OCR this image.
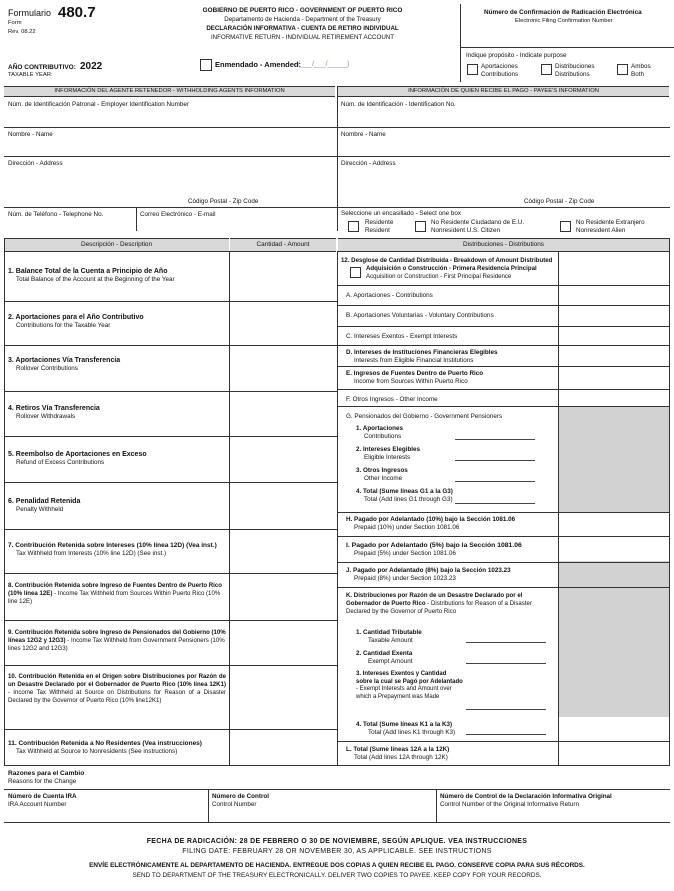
Formulario 480.7
Form
Rev. 08.22
AÑO CONTRIBUTIVO: 2022
TAXABLE YEAR:
GOBIERNO DE PUERTO RICO - GOVERNMENT OF PUERTO RICO
Departamento de Hacienda - Department of the Treasury
DECLARACIÓN INFORMATIVA - CUENTA DE RETIRO INDIVIDUAL
INFORMATIVE RETURN - INDIVIDUAL RETIREMENT ACCOUNT
Enmendado - Amended:
(___/___/_____)
Número de Confirmación de Radicación Electrónica
Electronic Filing Confirmation Number
Indique propósito - Indicate purpose
Aportaciones
Contributions
Distribuciones
Distributions
Ambos
Both
INFORMACIÓN DEL AGENTE RETENEDOR - WITHHOLDING AGENTS INFORMATION	INFORMACIÓN DE QUIEN RECIBE EL PAGO - PAYEE'S INFORMATION
Núm. de Identificación Patronal - Employer Identification Number
Nombre - Name
Dirección - Address
Código Postal - Zip Code
Núm. de Teléfono - Telephone No.	Correo Electrónico - E-mail
Núm. de Identificación - Identification No.
Nombre - Name
Dirección - Address
Código Postal - Zip Code
Seleccione un encasillado - Select one box
Residente
Resident
No Residente Ciudadano de E.U.
Nonresident U.S. Citizen
No Residente Extranjero
Nonresident Alien
Descripción - Description	Cantidad - Amount	Distribuciones - Distributions
1. Balance Total de la Cuenta a Principio de Año
Total Balance of the Account at the Beginning of the Year
2. Aportaciones para el Año Contributivo
Contributions for the Taxable Year
3. Aportaciones Vía Transferencia
Rollover Contributions
4. Retiros Vía Transferencia
Rollover Withdrawals
5. Reembolso de Aportaciones en Exceso
Refund of Excess Contributions
6. Penalidad Retenida
Penalty Withheld
7. Contribución Retenida sobre Intereses (10% línea 12D) (Vea inst.)
Tax Withheld from Interests (10% line 12D) (See inst.)
8. Contribución Retenida sobre Ingreso de Fuentes Dentro de Puerto Rico (10% línea 12E) - Income Tax Withheld from Sources Within Puerto Rico (10% line 12E)
9. Contribución Retenida sobre Ingreso de Pensionados del Gobierno (10% líneas 12G2 y 12G3) - Income Tax Withheld from Government Pensioners (10% lines 12G2 and 12G3)
10. Contribución Retenida en el Origen sobre Distribuciones por Razón de un Desastre Declarado por el Gobernador de Puerto Rico (10% línea 12K1) - Income Tax Withheld at Source on Distributions for Reason of a Disaster Declared by the Governor of Puerto Rico (10% line12K1)
11. Contribución Retenida a No Residentes (Vea instrucciones)
Tax Withheld at Source to Nonresidents (See instructions)
12. Desglose de Cantidad Distribuida - Breakdown of Amount Distributed
Adquisición o Construcción - Primera Residencia Principal
Acquisition or Construction - First Principal Residence
A. Aportaciones - Contributions
B. Aportaciones Voluntarias - Voluntary Contributions
C. Intereses Exentos - Exempt Interests
D. Intereses de Instituciones Financieras Elegibles
Interests from Eligible Financial Institutions
E. Ingresos de Fuentes Dentro de Puerto Rico
Income from Sources Within Puerto Rico
F. Otros Ingresos - Other Income
G. Pensionados del Gobierno - Government Pensioners
1. Aportaciones
Contributions
2. Intereses Elegibles
Eligible Interests
3. Otros Ingresos
Other Income
4. Total (Sume líneas G1 a la G3)
Total (Add lines G1 through G3)
H. Pagado por Adelantado (10%) bajo la Sección 1081.06
Prepaid (10%) under Section 1081.06
I. Pagado por Adelantado (5%) bajo la Sección 1081.06
Prepaid (5%) under Section 1081.06
J. Pagado por Adelantado (8%) bajo la Sección 1023.23
Prepaid (8%) under Section 1023.23
K. Distribuciones por Razón de un Desastre Declarado por el Gobernador de Puerto Rico - Distributions for Reason of a Disaster Declared by the Governor of Puerto Rico
1. Cantidad Tributable
Taxable Amount
2. Cantidad Exenta
Exempt Amount
3. Intereses Exentos y Cantidad sobre la cual se Pagó por Adelantado - Exempt Interests and Amount over which a Prepayment was Made
4. Total (Sume líneas K1 a la K3)
Total (Add lines K1 through K3)
L. Total (Sume líneas 12A a la 12K)
Total (Add lines 12A through 12K)
Razones para el Cambio
Reasons for the Change
Número de Cuenta IRA
IRA Account Number
Número de Control
Control Number
Número de Control de la Declaración Informativa Original
Control Number of the Original Informative Return
FECHA DE RADICACIÓN: 28 DE FEBRERO O 30 DE NOVIEMBRE, SEGÚN APLIQUE. VEA INSTRUCCIONES
FILING DATE: FEBRUARY 28 OR NOVEMBER 30, AS APPLICABLE. SEE INSTRUCTIONS
ENVÍE ELECTRÓNICAMENTE AL DEPARTAMENTO DE HACIENDA. ENTREGUE DOS COPIAS A QUIEN RECIBE EL PAGO. CONSERVE COPIA PARA SUS RÉCORDS.
SEND TO DEPARTMENT OF THE TREASURY ELECTRONICALLY. DELIVER TWO COPIES TO PAYEE. KEEP COPY FOR YOUR RECORDS.
